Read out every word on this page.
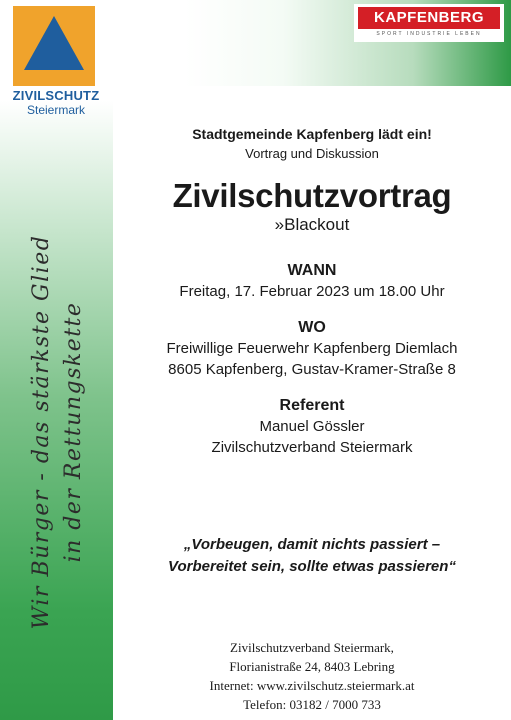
ZIVILSCHUTZ
Steiermark
Wir Bürger - das stärkste Glied in der Rettungskette
KAPFENBERG
SPORT INDUSTRIE LEBEN
Stadtgemeinde Kapfenberg lädt ein!
Vortrag und Diskussion
Zivilschutzvortrag
»Blackout
WANN
Freitag, 17. Februar 2023 um 18.00 Uhr
WO
Freiwillige Feuerwehr Kapfenberg Diemlach
8605 Kapfenberg, Gustav-Kramer-Straße 8
Referent
Manuel Gössler
Zivilschutzverband Steiermark
„Vorbeugen, damit nichts passiert –
Vorbereitet sein, sollte etwas passieren“
Zivilschutzverband Steiermark,
Florianistraße 24, 8403 Lebring
Internet: www.zivilschutz.steiermark.at
Telefon: 03182 / 7000 733
